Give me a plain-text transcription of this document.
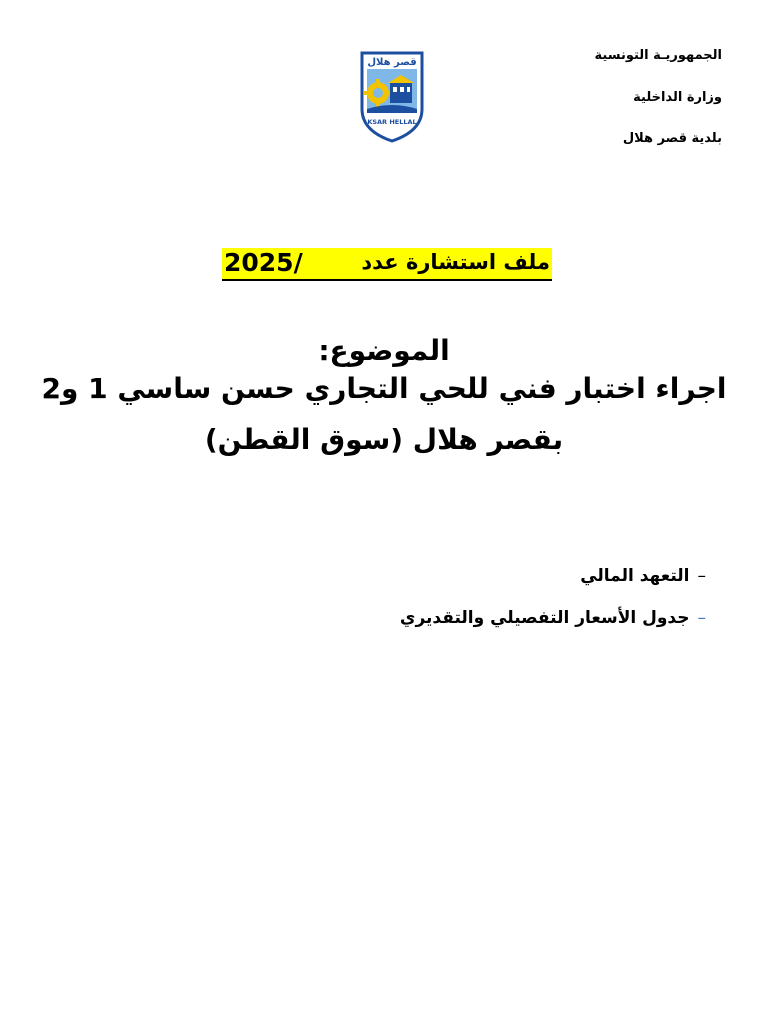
الجمهوريـة التونسية
وزارة الداخلية
بلدية قصر هلال
قصر هلال
KSAR HELLAL
ملف استشارة عدد
2025/
الموضوع:
اجراء اختبار فني للحي التجاري حسن ساسي 1 و2
بقصر هلال (سوق القطن)
–التعهد المالي
–جدول الأسعار التفصيلي والتقديري
